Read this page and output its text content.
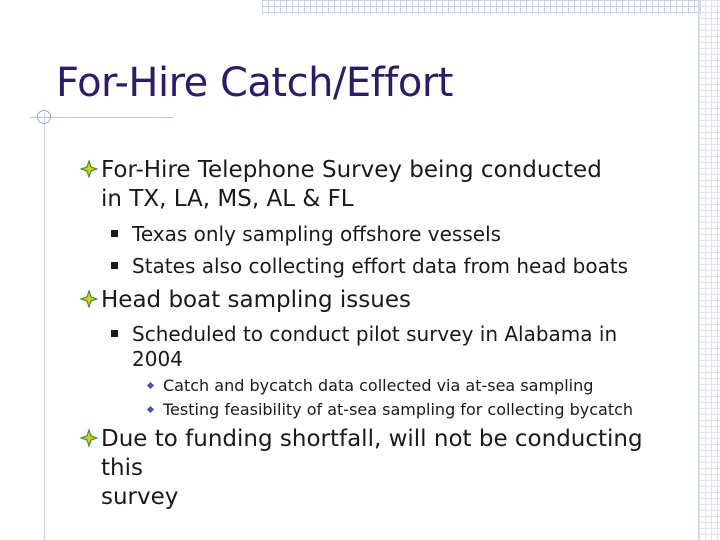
For-Hire Catch/Effort
For-Hire Telephone Survey being conducted
in TX, LA, MS, AL & FL
Texas only sampling offshore vessels
States also collecting effort data from head boats
Head boat sampling issues
Scheduled to conduct pilot survey in Alabama in
2004
Catch and bycatch data collected via at-sea sampling
Testing feasibility of at-sea sampling for collecting bycatch
Due to funding shortfall, will not be conducting this
survey
